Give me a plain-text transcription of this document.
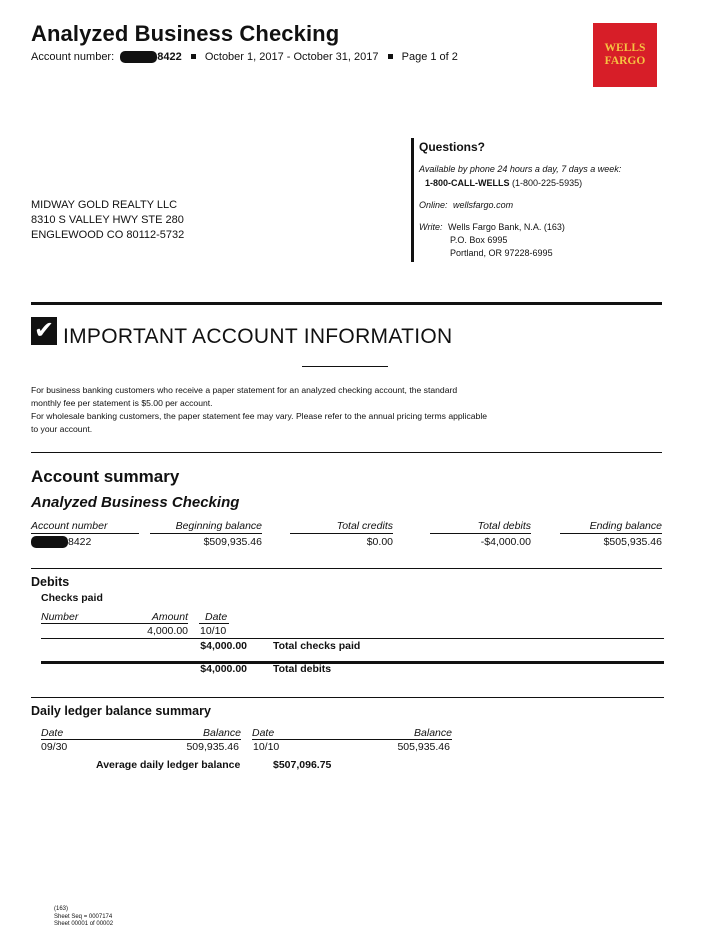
Analyzed Business Checking
Account number:	8422 October 1, 2017 - October 31, 2017 Page 1 of 2
WELLS
FARGO
Questions?
Available by phone 24 hours a day, 7 days a week:
1-800-CALL-WELLS (1-800-225-5935)
Online: wellsfargo.com
Write: Wells Fargo Bank, N.A. (163)
P.O. Box 6995
Portland, OR 97228-6995
MIDWAY GOLD REALTY LLC
8310 S VALLEY HWY STE 280
ENGLEWOOD CO 80112-5732
✔ IMPORTANT ACCOUNT INFORMATION
For business banking customers who receive a paper statement for an analyzed checking account, the standard
monthly fee per statement is $5.00 per account.
For wholesale banking customers, the paper statement fee may vary. Please refer to the annual pricing terms applicable
to your account.
Account summary
Analyzed Business Checking
Account number	Beginning balance	Total credits	Total debits	Ending balance
8422	$509,935.46	$0.00	-$4,000.00	$505,935.46
Debits
Checks paid
Number	Amount Date
4,000.00 10/10
$4,000.00 Total checks paid
$4,000.00 Total debits
Daily ledger balance summary
Date	Balance Date	Balance
09/30	509,935.46 10/10	505,935.46
Average daily ledger balance	$507,096.75
(163)
Sheet Seq = 0007174
Sheet 00001 of 00002
